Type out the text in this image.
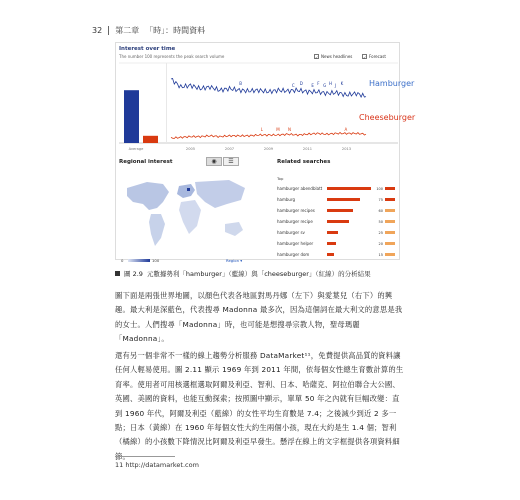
32 第二章 「時」：時間資料
Interest over time
The number 100 represents the peak search volume	✓ News headlines	✓ Forecast
B	C D E F G H J K
L	M N	A
Average	2005	2007	2009	2011	2013
Hamburger
Cheeseburger
Regional interest	◉	☰
0	100	Region ▾
Related searches
Top
hamburger abendblatt	100
hamburg	75
hamburger recipes	60
hamburger recipe	50
hamburger sv	25
hamburger helper	20
hamburger dom	15
圖 2.9 元數據勢利「hamburger」（藍線）與「cheeseburger」（紅線）的分析結果

圖下面是兩張世界地圖，以顏色代表各地區對馬丹娜（左下）與愛葉兒（右下）的興趣。最大利是深藍色，代表搜尋 Madonna 最多次，因為這個詞在最大利文的意思是我的女士。人們搜尋「Madonna」時，也可能是想搜尋宗教人物，聖母瑪麗「Madonna」。

還有另一個非常不一樣的線上趨勢分析服務 DataMarket¹¹，免費提供高品質的資料讓任何人輕易使用。圖 2.11 顯示 1969 年到 2011 年間，依每個女性總生育數計算的生育率。使用者可用核選框選取阿爾及利亞、智利、日本、哈薩克、阿拉伯聯合大公國、英國、美國的資料，也能互動探索；按照圖中顯示，單單 50 年之內就有巨幅改變：直到 1960 年代，阿爾及利亞（藍線）的女性平均生育數是 7.4；之後減少到近 2 多一點；日本（黃線）在 1960 年每個女性大約生兩個小孩，現在大約是生 1.4 個；智利（橘線）的小孩數下降情況比阿爾及利亞早發生。懸浮在線上的文字框提供各項資料細節。

11 http://datamarket.com
